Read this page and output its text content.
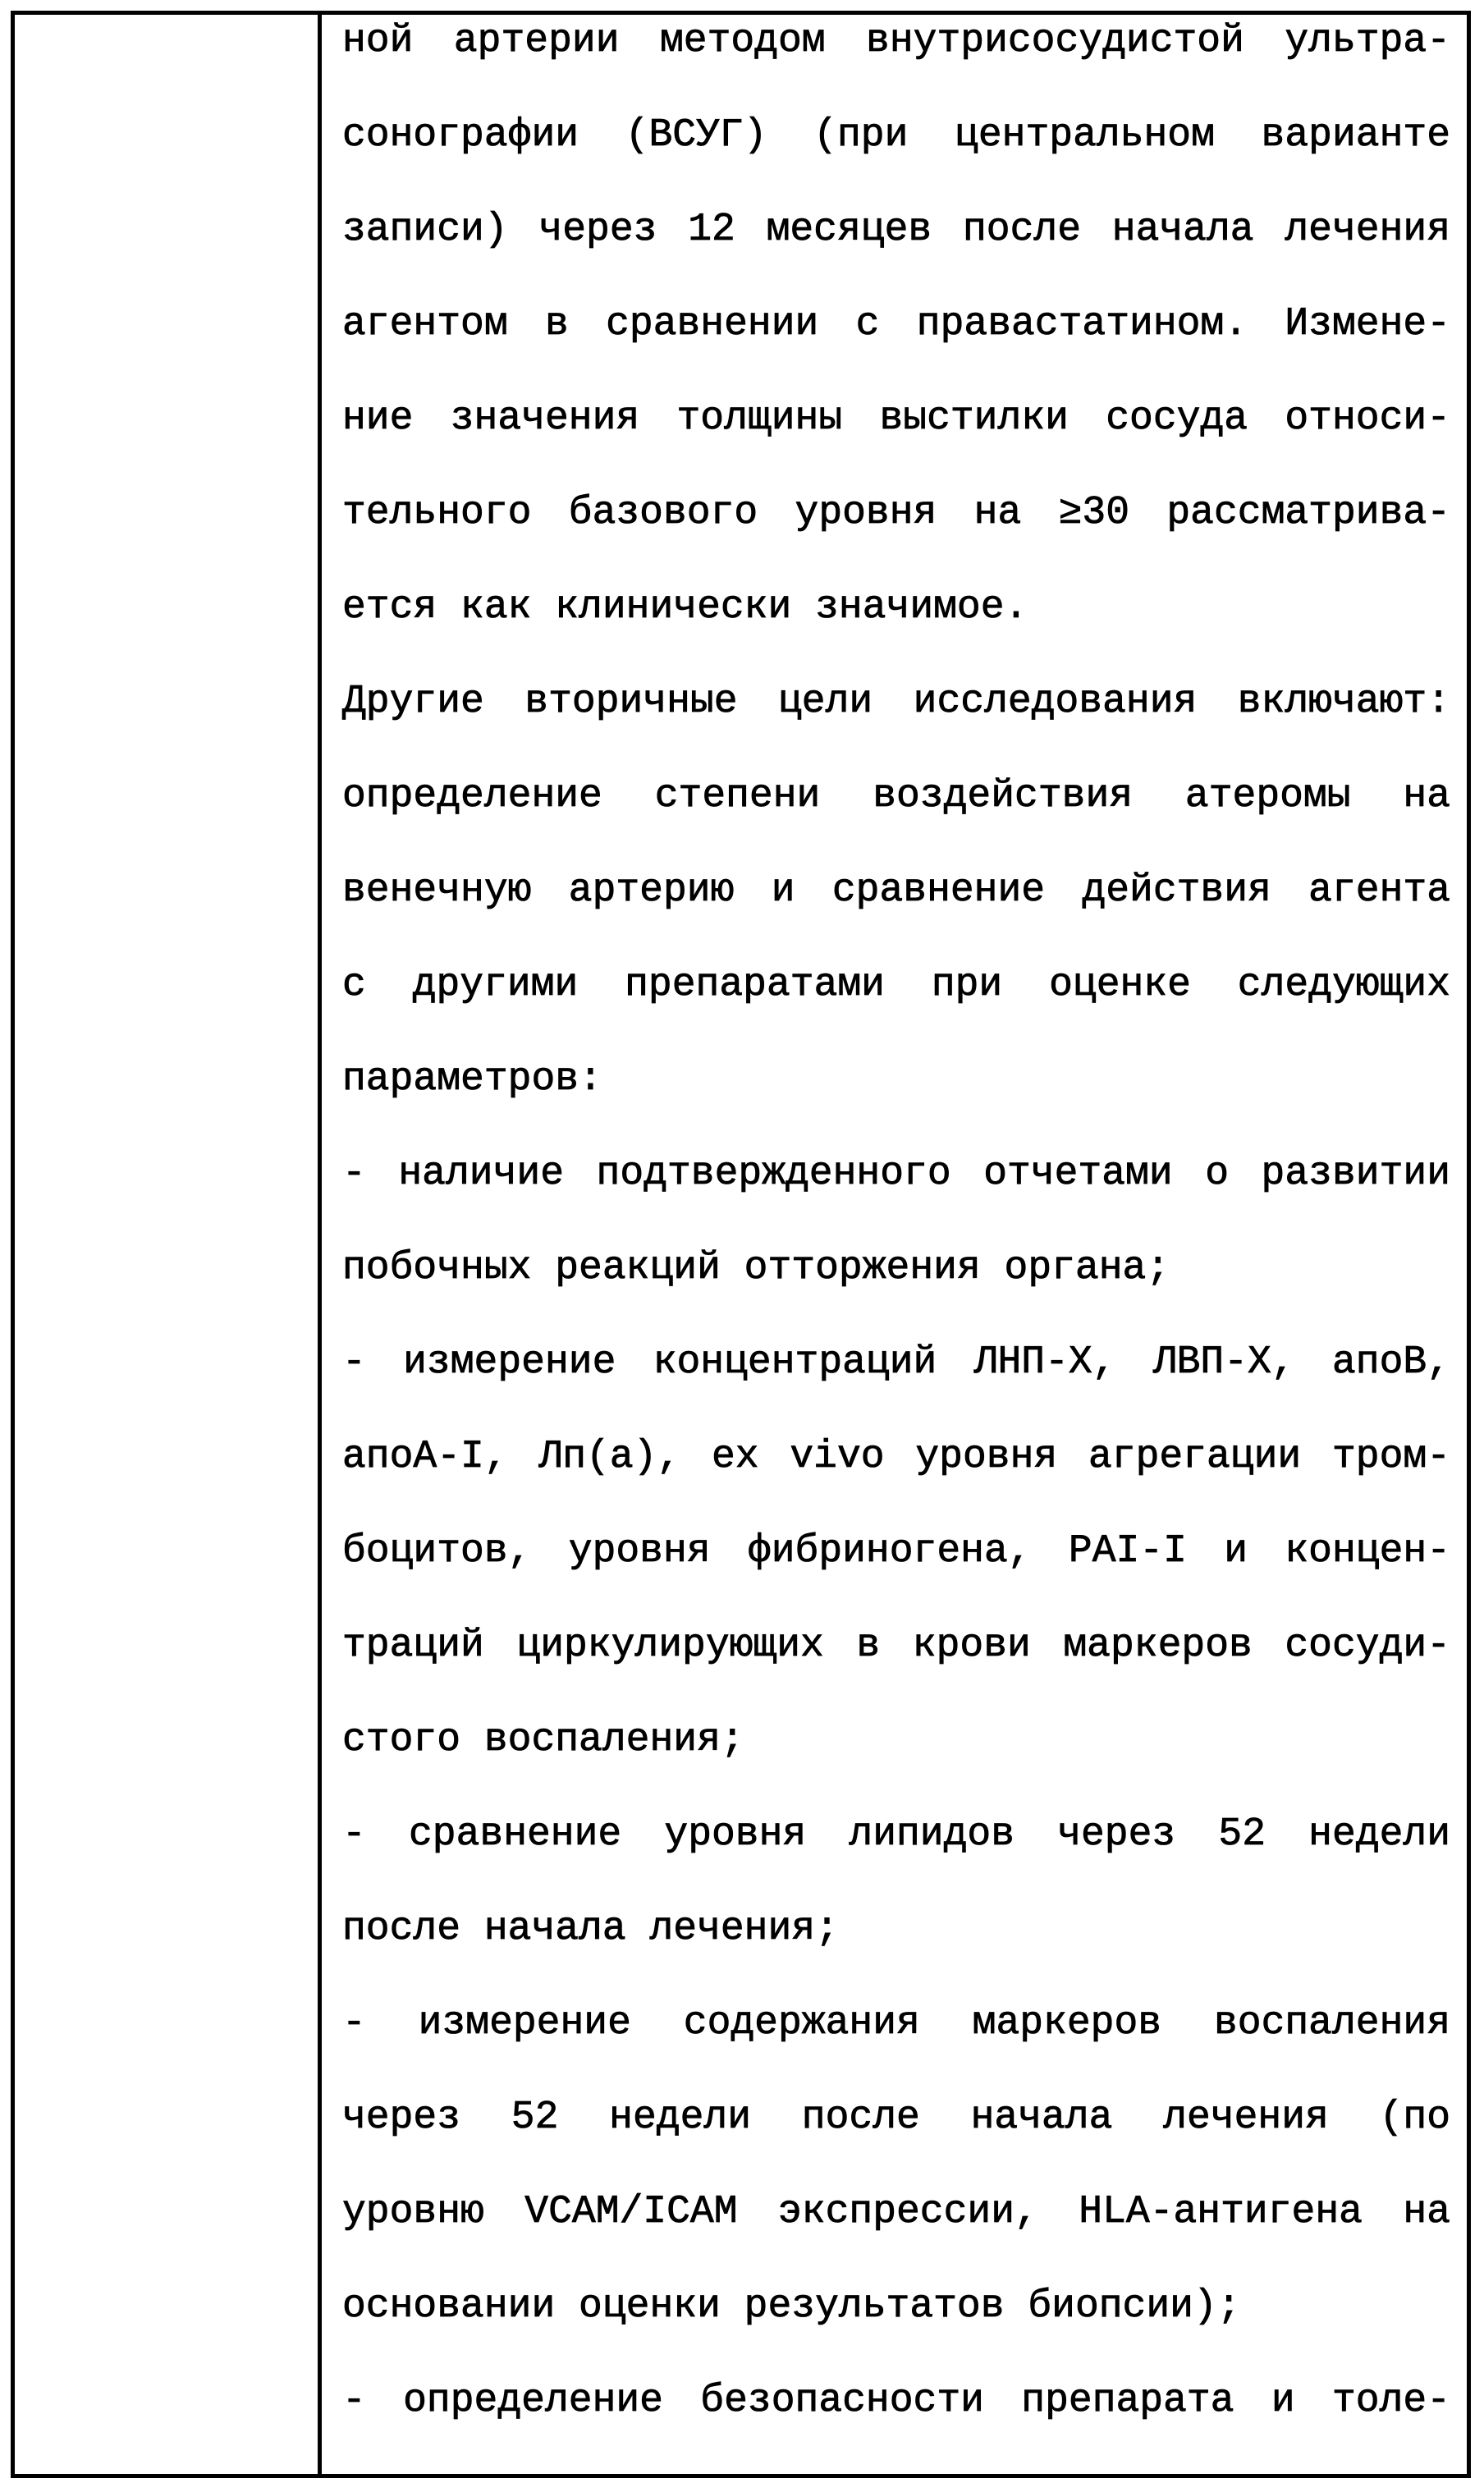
ной артерии методом внутрисосудистой ультра-
сонографии (ВСУГ) (при центральном варианте
записи) через 12 месяцев после начала лечения
агентом в сравнении с правастатином. Измене-
ние значения толщины выстилки сосуда относи-
тельного базового уровня на ≥30 рассматрива-
ется как клинически значимое.
Другие вторичные цели исследования включают:
определение степени воздействия атеромы на
венечную артерию и сравнение действия агента
с другими препаратами при оценке следующих
параметров:
- наличие подтвержденного отчетами о развитии
побочных реакций отторжения органа;
- измерение концентраций ЛНП-Х, ЛВП-Х, апоВ,
апоА-I, Лп(а), ex vivo уровня агрегации тром-
боцитов, уровня фибриногена, PAI-I и концен-
траций циркулирующих в крови маркеров сосуди-
стого воспаления;
- сравнение уровня липидов через 52 недели
после начала лечения;
- измерение содержания маркеров воспаления
через 52 недели после начала лечения (по
уровню VCAM/ICAM экспрессии, HLA-антигена на
основании оценки результатов биопсии);
- определение безопасности препарата и толе-
